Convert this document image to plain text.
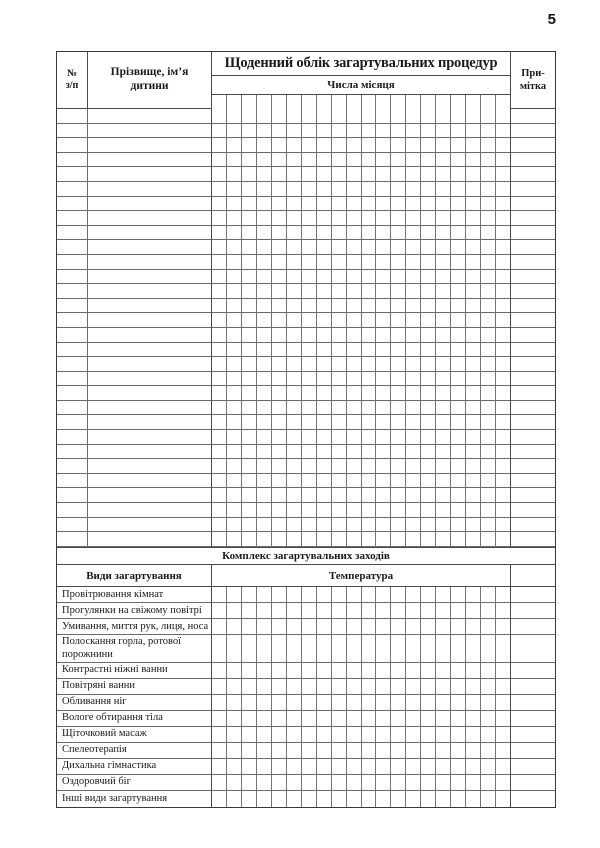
5
№
з/п
Прізвище, ім’я дитини
Щоденний облік загартувальних процедур
Числа місяця
При-
мітка
Комплекс загартувальних заходів
Види загартування	Температура
Провітрювання кімнат
Прогулянки на свіжому повітрі
Умивання, миття рук, лиця, носа
Полоскання горла, ротової порожнини
Контрастні ніжні ванни
Повітряні ванни
Обливання ніг
Вологе обтирання тіла
Щіточковий масаж
Спелеотерапія
Дихальна гімнастика
Оздоровчий біг
Інші види загартування
